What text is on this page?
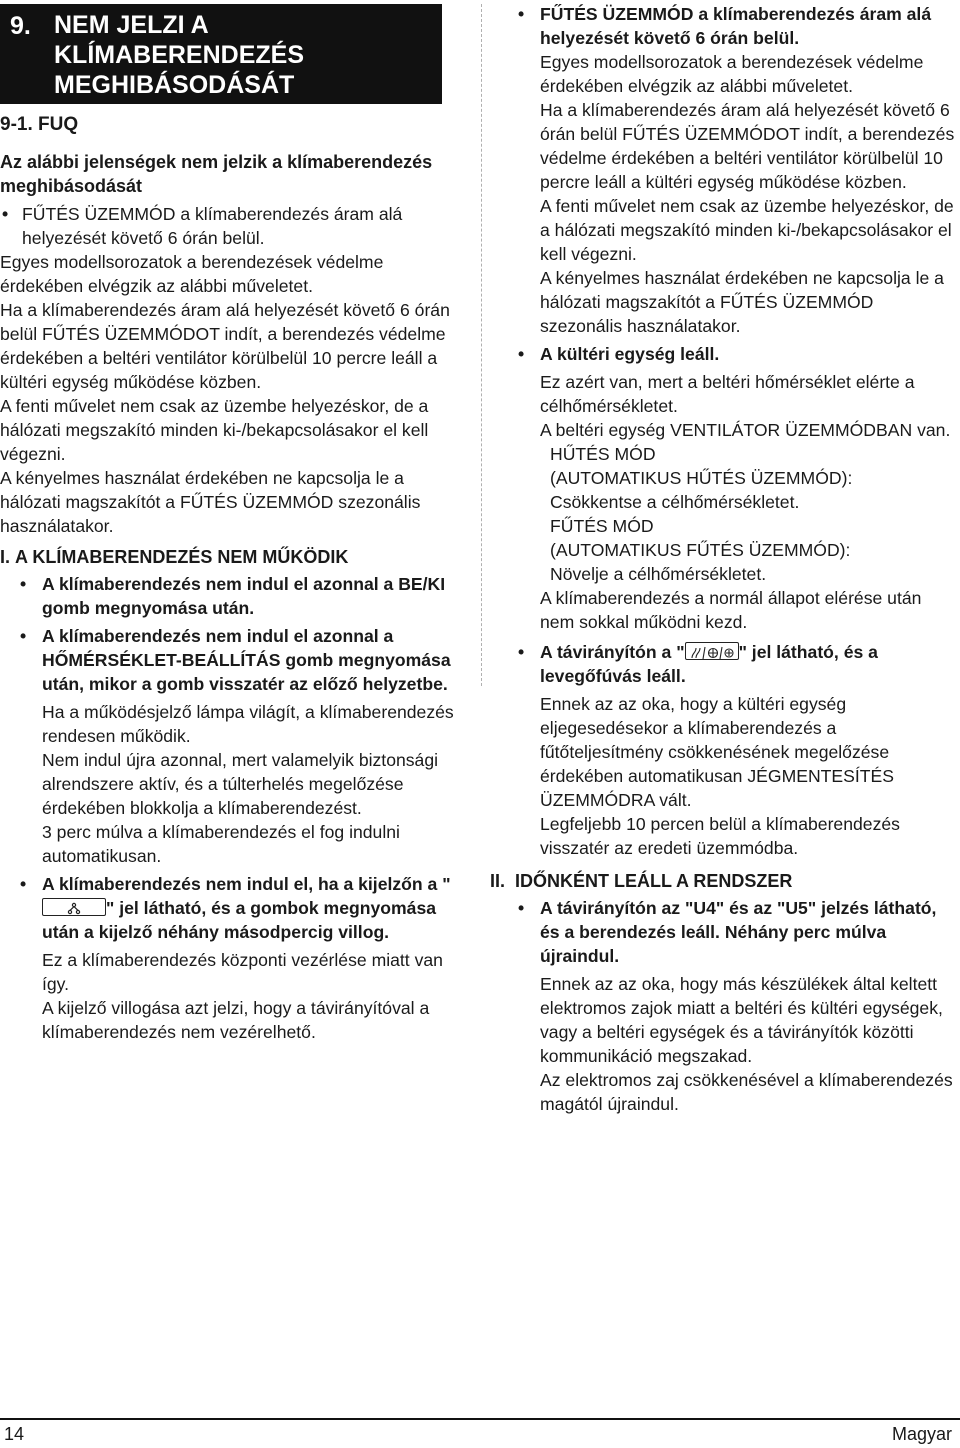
9. NEM JELZI A KLÍMABERENDEZÉS MEGHIBÁSODÁSÁT
9-1. FUQ

Az alábbi jelenségek nem jelzik a klímaberendezés meghibásodását

• FŰTÉS ÜZEMMÓD a klímaberendezés áram alá helyezését követő 6 órán belül.

Egyes modellsorozatok a berendezések védelme érdekében elvégzik az alábbi műveletet.

Ha a klímaberendezés áram alá helyezését követő 6 órán belül FŰTÉS ÜZEMMÓDOT indít, a berendezés védelme érdekében a beltéri ventilátor körülbelül 10 percre leáll a kültéri egység működése közben.

A fenti művelet nem csak az üzembe helyezéskor, de a hálózati megszakító minden ki-/bekapcsolásakor el kell végezni.

A kényelmes használat érdekében ne kapcsolja le a hálózati magszakítót a FŰTÉS ÜZEMMÓD szezonális használatakor.

I. A KLÍMABERENDEZÉS NEM MŰKÖDIK

• A klímaberendezés nem indul el azonnal a BE/KI gomb megnyomása után.

• A klímaberendezés nem indul el azonnal a HŐMÉRSÉKLET-BEÁLLÍTÁS gomb megnyomása után, mikor a gomb visszatér az előző helyzetbe.

Ha a működésjelző lámpa világít, a klímaberendezés rendesen működik.

Nem indul újra azonnal, mert valamelyik biztonsági alrendszere aktív, és a túlterhelés megelőzése érdekében blokkolja a klímaberendezést.

3 perc múlva a klímaberendezés el fog indulni automatikusan.

• A klímaberendezés nem indul el, ha a kijelzőn a "" jel látható, és a gombok megnyomása után a kijelző néhány másodpercig villog.

Ez a klímaberendezés központi vezérlése miatt van így.

A kijelző villogása azt jelzi, hogy a távirányítóval a klímaberendezés nem vezérelhető.

• FŰTÉS ÜZEMMÓD a klímaberendezés áram alá helyezését követő 6 órán belül.

Egyes modellsorozatok a berendezések védelme érdekében elvégzik az alábbi műveletet.

Ha a klímaberendezés áram alá helyezését követő 6 órán belül FŰTÉS ÜZEMMÓDOT indít, a berendezés védelme érdekében a beltéri ventilátor körülbelül 10 percre leáll a kültéri egység működése közben.

A fenti művelet nem csak az üzembe helyezéskor, de a hálózati megszakító minden ki-/bekapcsolásakor el kell végezni.

A kényelmes használat érdekében ne kapcsolja le a hálózati magszakítót a FŰTÉS ÜZEMMÓD szezonális használatakor.

• A kültéri egység leáll.

Ez azért van, mert a beltéri hőmérséklet elérte a célhőmérsékletet.

A beltéri egység VENTILÁTOR ÜZEMMÓDBAN van.

HŰTÉS MÓD

(AUTOMATIKUS HŰTÉS ÜZEMMÓD):

Csökkentse a célhőmérsékletet.

FŰTÉS MÓD

(AUTOMATIKUS FŰTÉS ÜZEMMÓD):

Növelje a célhőmérsékletet.

A klímaberendezés a normál állapot elérése után nem sokkal működni kezd.

• A távirányítón a "	" jel látható, és a levegőfúvás leáll.

Ennek az az oka, hogy a kültéri egység eljegesedésekor a klímaberendezés a fűtőteljesítmény csökkenésének megelőzése érdekében automatikusan JÉGMENTESÍTÉS ÜZEMMÓDRA vált.

Legfeljebb 10 percen belül a klímaberendezés visszatér az eredeti üzemmódba.

II. IDŐNKÉNT LEÁLL A RENDSZER

• A távirányítón az "U4" és az "U5" jelzés látható, és a berendezés leáll. Néhány perc múlva újraindul.

Ennek az az oka, hogy más készülékek által keltett elektromos zajok miatt a beltéri és kültéri egységek, vagy a beltéri egységek és a távirányítók közötti kommunikáció megszakad.

Az elektromos zaj csökkenésével a klímaberendezés magától újraindul.

14	Magyar
